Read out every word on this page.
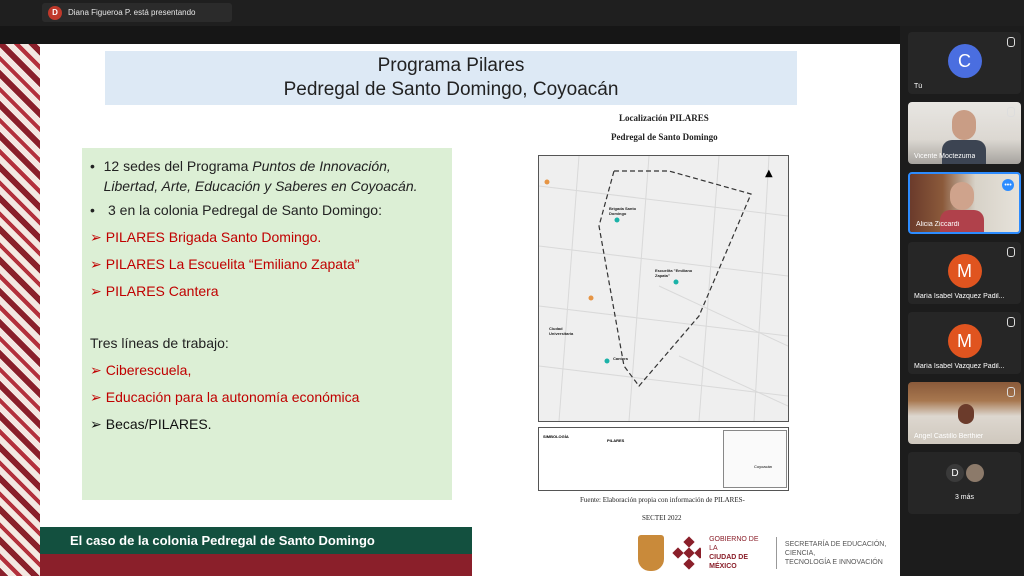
D	Diana Figueroa P. está presentando
Programa Pilares
Pedregal de Santo Domingo, Coyoacán
• 12 sedes del Programa Puntos de Innovación, Libertad, Arte, Educación y Saberes en Coyoacán.
• 3 en la colonia Pedregal de Santo Domingo:
➢ PILARES Brigada Santo Domingo.
➢ PILARES La Escuelita “Emiliano Zapata”
➢ PILARES Cantera
Tres líneas de trabajo:
➢ Ciberescuela,
➢ Educación para la autonomía económica
➢ Becas/PILARES.
Localización PILARES
Pedregal de Santo Domingo
▲
Brigada Santo Domingo
Escuelita "Emiliano Zapata"
Cantera
Ciudad Universitaria
SIMBOLOGÍA
PILARES
Coyoacán
Fuente: Elaboración propia con información de PILARES-
SECTEI 2022
El caso de la colonia Pedregal de Santo Domingo	GOBIERNO DE LA
CIUDAD DE MÉXICO
SECRETARÍA DE EDUCACIÓN, CIENCIA,
TECNOLOGÍA E INNOVACIÓN
C
Tú
Vicente Moctezuma
•••
Alicia Ziccardi
M
María Isabel Vazquez Padil...
M
María Isabel Vazquez Padil...
Ángel Castillo Berthier
D
3 más
